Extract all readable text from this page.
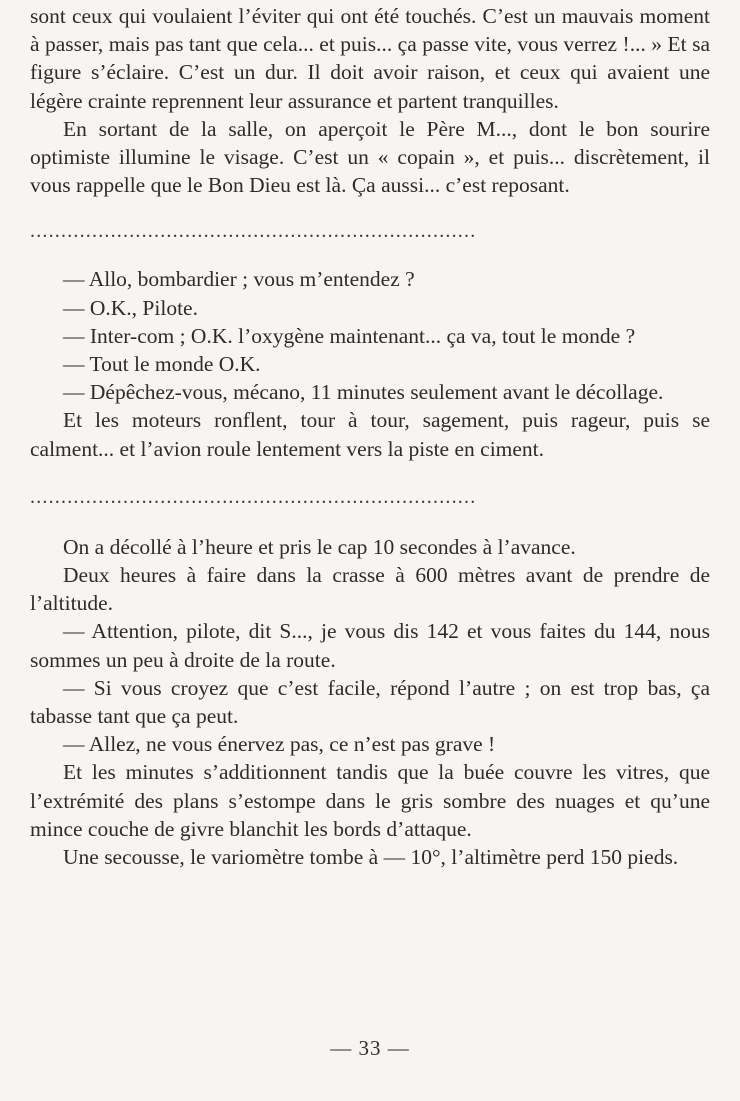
sont ceux qui voulaient l’éviter qui ont été touchés. C’est un mauvais moment à passer, mais pas tant que cela... et puis... ça passe vite, vous verrez !... » Et sa figure s’éclaire. C’est un dur. Il doit avoir raison, et ceux qui avaient une légère crainte reprennent leur assurance et partent tranquilles.

En sortant de la salle, on aperçoit le Père M..., dont le bon sourire optimiste illumine le visage. C’est un « copain », et puis... discrètement, il vous rappelle que le Bon Dieu est là. Ça aussi... c’est reposant.

........................................................................

— Allo, bombardier ; vous m’entendez ?

— O.K., Pilote.

— Inter-com ; O.K. l’oxygène maintenant... ça va, tout le monde ?

— Tout le monde O.K.

— Dépêchez-vous, mécano, 11 minutes seulement avant le décollage.

Et les moteurs ronflent, tour à tour, sagement, puis rageur, puis se calment... et l’avion roule lentement vers la piste en ciment.

........................................................................

On a décollé à l’heure et pris le cap 10 secondes à l’avance.

Deux heures à faire dans la crasse à 600 mètres avant de prendre de l’altitude.

— Attention, pilote, dit S..., je vous dis 142 et vous faites du 144, nous sommes un peu à droite de la route.

— Si vous croyez que c’est facile, répond l’autre ; on est trop bas, ça tabasse tant que ça peut.

— Allez, ne vous énervez pas, ce n’est pas grave !

Et les minutes s’additionnent tandis que la buée couvre les vitres, que l’extrémité des plans s’estompe dans le gris sombre des nuages et qu’une mince couche de givre blanchit les bords d’attaque.

Une secousse, le variomètre tombe à — 10°, l’altimètre perd 150 pieds.

— 33 —
